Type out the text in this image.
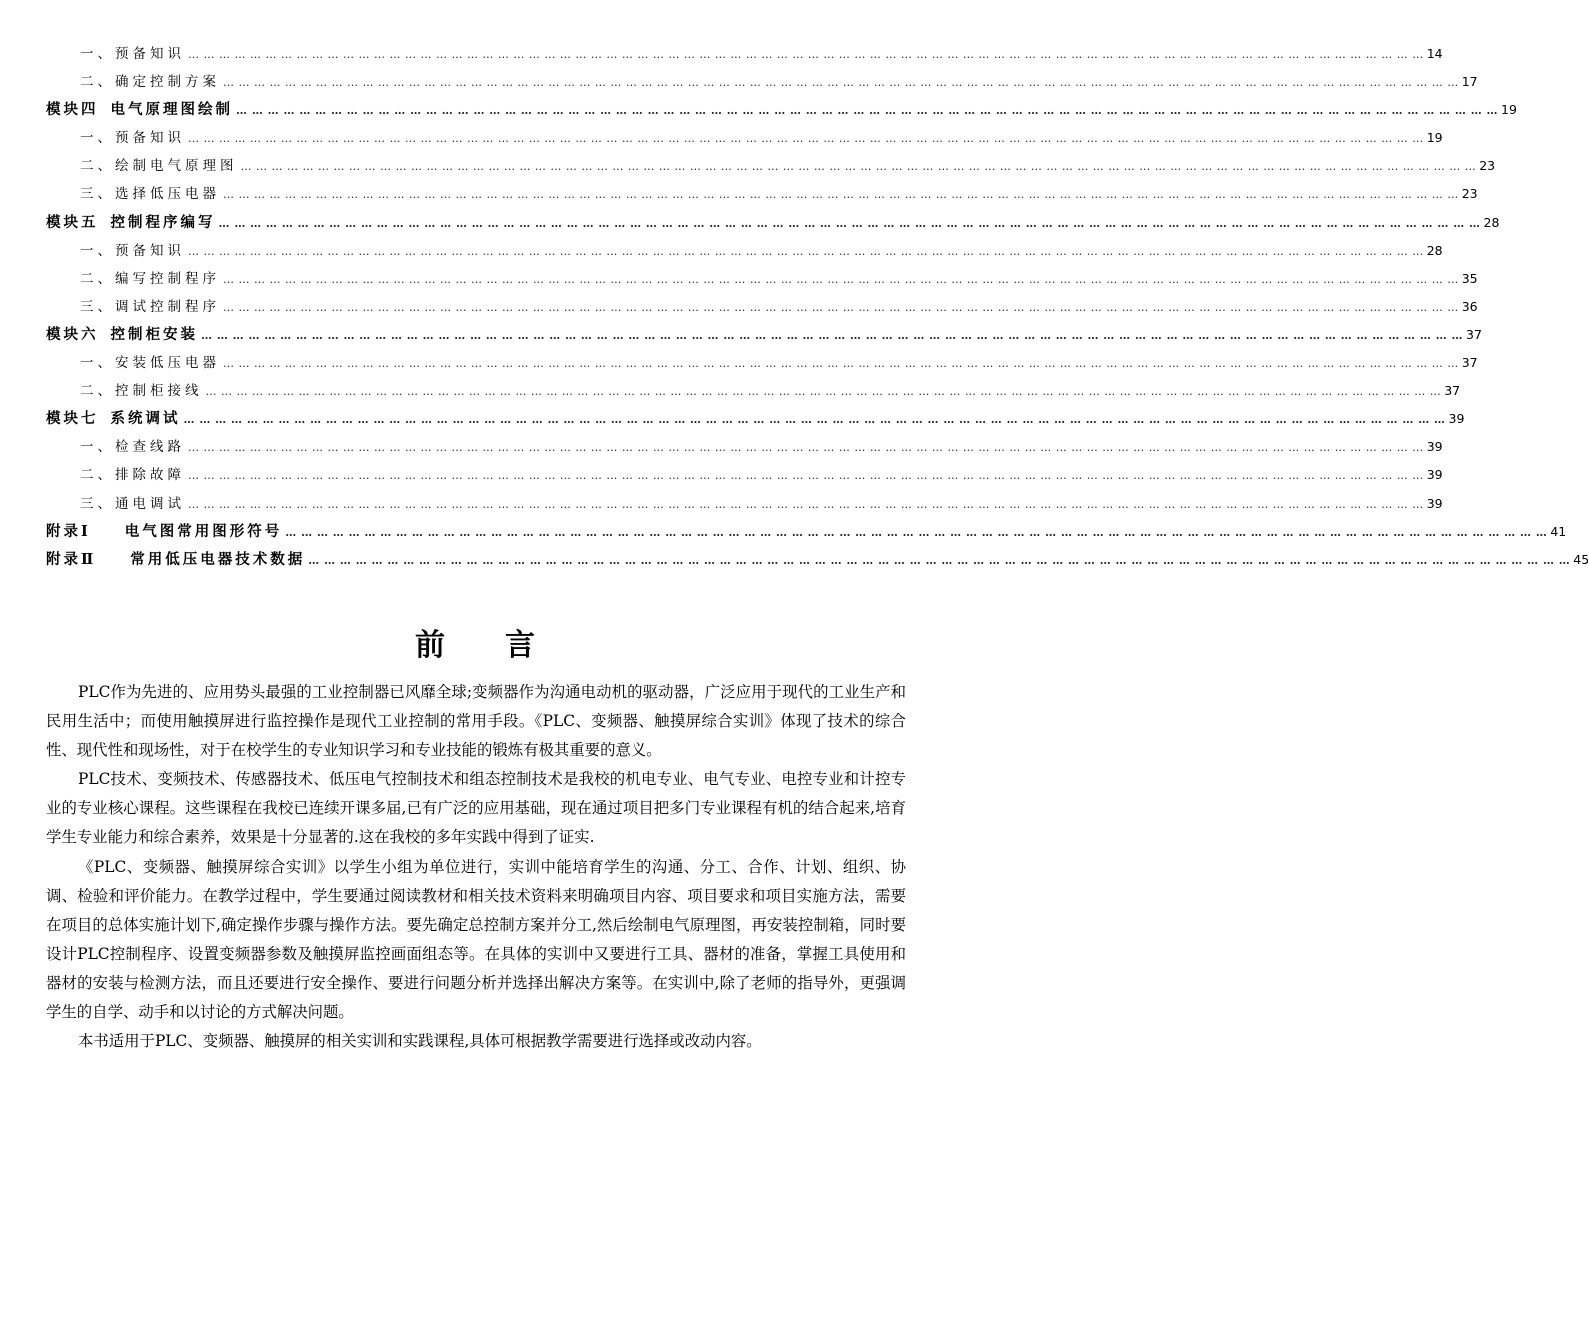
一、预备知识 … … … … … … … … … … … … … … … … … … … … … … … … … … … … … … … … … … … … … … … … … … … … … … … … … … … … … … … … … … … … … … … … … … … … … … … … … … … … … … … … 14
二、确定控制方案 … … … … … … … … … … … … … … … … … … … … … … … … … … … … … … … … … … … … … … … … … … … … … … … … … … … … … … … … … … … … … … … … … … … … … … … … … … … … … … … … 17
模块四 电气原理图绘制 … … … … … … … … … … … … … … … … … … … … … … … … … … … … … … … … … … … … … … … … … … … … … … … … … … … … … … … … … … … … … … … … … … … … … … … … … … … … … … … … 19
一、预备知识 … … … … … … … … … … … … … … … … … … … … … … … … … … … … … … … … … … … … … … … … … … … … … … … … … … … … … … … … … … … … … … … … … … … … … … … … … … … … … … … … 19
二、绘制电气原理图 … … … … … … … … … … … … … … … … … … … … … … … … … … … … … … … … … … … … … … … … … … … … … … … … … … … … … … … … … … … … … … … … … … … … … … … … … … … … … … … … 23
三、选择低压电器 … … … … … … … … … … … … … … … … … … … … … … … … … … … … … … … … … … … … … … … … … … … … … … … … … … … … … … … … … … … … … … … … … … … … … … … … … … … … … … … … 23
模块五 控制程序编写 … … … … … … … … … … … … … … … … … … … … … … … … … … … … … … … … … … … … … … … … … … … … … … … … … … … … … … … … … … … … … … … … … … … … … … … … … … … … … … … … 28
一、预备知识 … … … … … … … … … … … … … … … … … … … … … … … … … … … … … … … … … … … … … … … … … … … … … … … … … … … … … … … … … … … … … … … … … … … … … … … … … … … … … … … … 28
二、编写控制程序 … … … … … … … … … … … … … … … … … … … … … … … … … … … … … … … … … … … … … … … … … … … … … … … … … … … … … … … … … … … … … … … … … … … … … … … … … … … … … … … … 35
三、调试控制程序 … … … … … … … … … … … … … … … … … … … … … … … … … … … … … … … … … … … … … … … … … … … … … … … … … … … … … … … … … … … … … … … … … … … … … … … … … … … … … … … … 36
模块六 控制柜安装 … … … … … … … … … … … … … … … … … … … … … … … … … … … … … … … … … … … … … … … … … … … … … … … … … … … … … … … … … … … … … … … … … … … … … … … … … … … … … … … … 37
一、安装低压电器 … … … … … … … … … … … … … … … … … … … … … … … … … … … … … … … … … … … … … … … … … … … … … … … … … … … … … … … … … … … … … … … … … … … … … … … … … … … … … … … … 37
二、控制柜接线 … … … … … … … … … … … … … … … … … … … … … … … … … … … … … … … … … … … … … … … … … … … … … … … … … … … … … … … … … … … … … … … … … … … … … … … … … … … … … … … … 37
模块七 系统调试 … … … … … … … … … … … … … … … … … … … … … … … … … … … … … … … … … … … … … … … … … … … … … … … … … … … … … … … … … … … … … … … … … … … … … … … … … … … … … … … … 39
一、检查线路 … … … … … … … … … … … … … … … … … … … … … … … … … … … … … … … … … … … … … … … … … … … … … … … … … … … … … … … … … … … … … … … … … … … … … … … … … … … … … … … … 39
二、排除故障 … … … … … … … … … … … … … … … … … … … … … … … … … … … … … … … … … … … … … … … … … … … … … … … … … … … … … … … … … … … … … … … … … … … … … … … … … … … … … … … … 39
三、通电调试 … … … … … … … … … … … … … … … … … … … … … … … … … … … … … … … … … … … … … … … … … … … … … … … … … … … … … … … … … … … … … … … … … … … … … … … … … … … … … … … … 39
附录Ⅰ 电气图常用图形符号 … … … … … … … … … … … … … … … … … … … … … … … … … … … … … … … … … … … … … … … … … … … … … … … … … … … … … … … … … … … … … … … … … … … … … … … … … … … … … … … … 41
附录Ⅱ 常用低压电器技术数据 … … … … … … … … … … … … … … … … … … … … … … … … … … … … … … … … … … … … … … … … … … … … … … … … … … … … … … … … … … … … … … … … … … … … … … … … … … … … … … … … 45
前言

PLC作为先进的、应用势头最强的工业控制器已风靡全球;变频器作为沟通电动机的驱动器，广泛应用于现代的工业生产和民用生活中；而使用触摸屏进行监控操作是现代工业控制的常用手段。《PLC、变频器、触摸屏综合实训》体现了技术的综合性、现代性和现场性，对于在校学生的专业知识学习和专业技能的锻炼有极其重要的意义。

PLC技术、变频技术、传感器技术、低压电气控制技术和组态控制技术是我校的机电专业、电气专业、电控专业和计控专业的专业核心课程。这些课程在我校已连续开课多届,已有广泛的应用基础，现在通过项目把多门专业课程有机的结合起来,培育学生专业能力和综合素养，效果是十分显著的.这在我校的多年实践中得到了证实.

《PLC、变频器、触摸屏综合实训》以学生小组为单位进行，实训中能培育学生的沟通、分工、合作、计划、组织、协调、检验和评价能力。在教学过程中，学生要通过阅读教材和相关技术资料来明确项目内容、项目要求和项目实施方法，需要在项目的总体实施计划下,确定操作步骤与操作方法。要先确定总控制方案并分工,然后绘制电气原理图，再安装控制箱，同时要设计PLC控制程序、设置变频器参数及触摸屏监控画面组态等。在具体的实训中又要进行工具、器材的准备，掌握工具使用和器材的安装与检测方法，而且还要进行安全操作、要进行问题分析并选择出解决方案等。在实训中,除了老师的指导外，更强调学生的自学、动手和以讨论的方式解决问题。

本书适用于PLC、变频器、触摸屏的相关实训和实践课程,具体可根据教学需要进行选择或改动内容。
